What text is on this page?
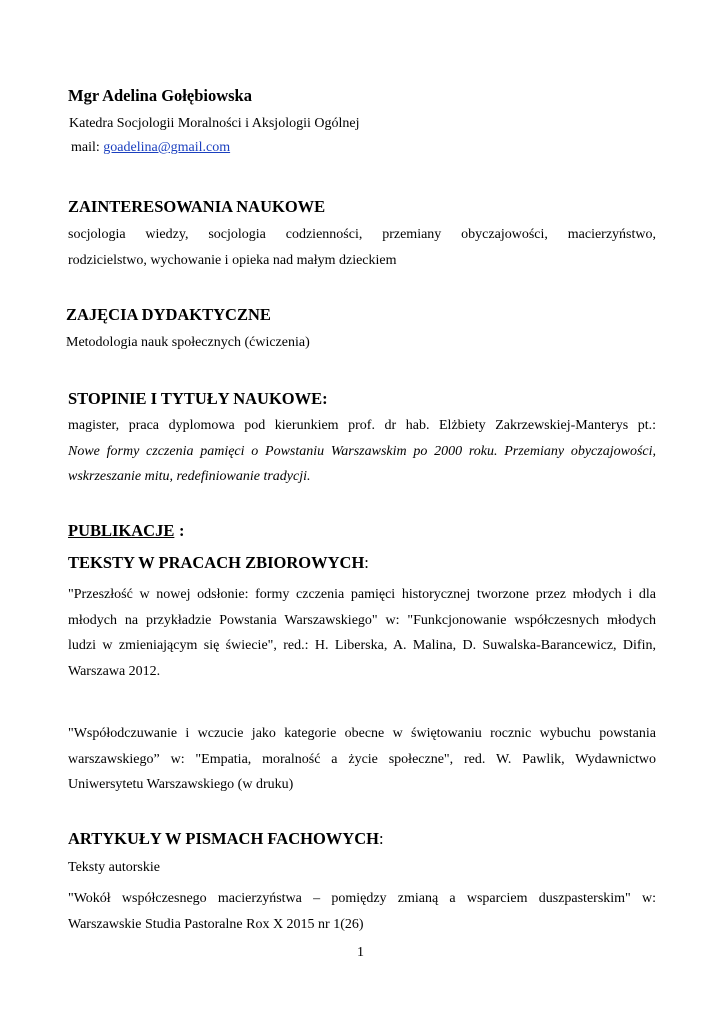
Mgr Adelina Gołębiowska
Katedra Socjologii Moralności i Aksjologii Ogólnej
mail: goadelina@gmail.com
ZAINTERESOWANIA NAUKOWE
socjologia wiedzy, socjologia codzienności, przemiany obyczajowości, macierzyństwo,
rodzicielstwo, wychowanie i opieka nad małym dzieckiem
ZAJĘCIA DYDAKTYCZNE
Metodologia nauk społecznych (ćwiczenia)
STOPINIE I TYTUŁY NAUKOWE:
magister, praca dyplomowa pod kierunkiem prof. dr hab. Elżbiety Zakrzewskiej-Manterys pt.:
Nowe formy czczenia pamięci o Powstaniu Warszawskim po 2000 roku. Przemiany obyczajowości,
wskrzeszanie mitu, redefiniowanie tradycji.
PUBLIKACJE :
TEKSTY W PRACACH ZBIOROWYCH:
"Przeszłość w nowej odsłonie: formy czczenia pamięci historycznej tworzone przez młodych i dla
młodych na przykładzie Powstania Warszawskiego" w: "Funkcjonowanie współczesnych młodych
ludzi w zmieniającym się świecie", red.: H. Liberska, A. Malina, D. Suwalska-Barancewicz, Difin,
Warszawa 2012.
"Współodczuwanie i wczucie jako kategorie obecne w świętowaniu rocznic wybuchu powstania
warszawskiego” w: "Empatia, moralność a życie społeczne", red. W. Pawlik, Wydawnictwo
Uniwersytetu Warszawskiego (w druku)
ARTYKUŁY W PISMACH FACHOWYCH:
Teksty autorskie
"Wokół współczesnego macierzyństwa – pomiędzy zmianą a wsparciem duszpasterskim" w:
Warszawskie Studia Pastoralne Rox X 2015 nr 1(26)
1
